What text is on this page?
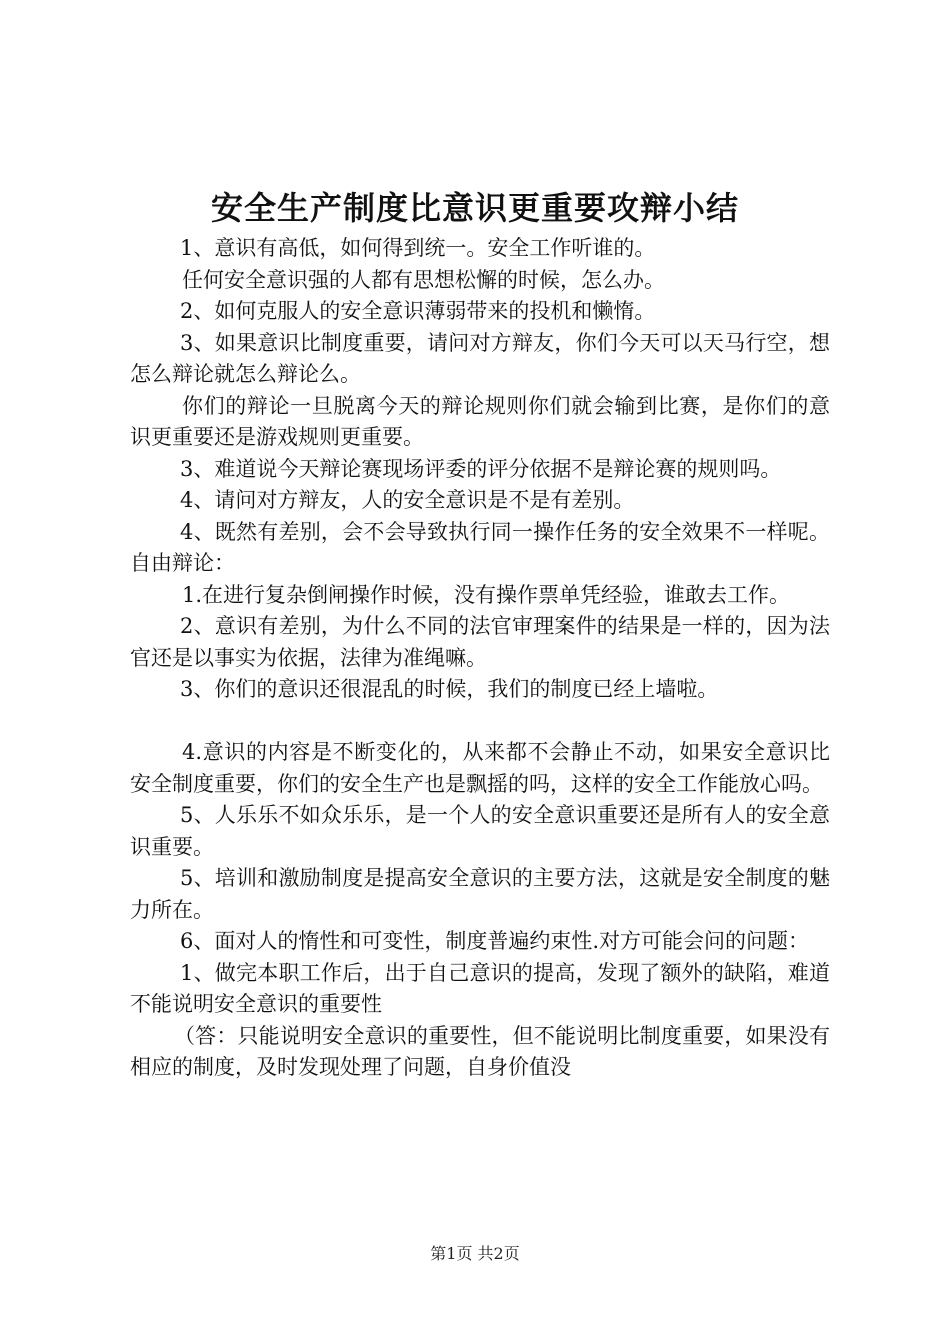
安全生产制度比意识更重要攻辩小结

1、意识有高低，如何得到统一。安全工作听谁的。

任何安全意识强的人都有思想松懈的时候，怎么办。

2、如何克服人的安全意识薄弱带来的投机和懒惰。

3、如果意识比制度重要，请问对方辩友，你们今天可以天马行空，想怎么辩论就怎么辩论么。

你们的辩论一旦脱离今天的辩论规则你们就会输到比赛，是你们的意识更重要还是游戏规则更重要。

3、难道说今天辩论赛现场评委的评分依据不是辩论赛的规则吗。

4、请问对方辩友，人的安全意识是不是有差别。

4、既然有差别，会不会导致执行同一操作任务的安全效果不一样呢。自由辩论：

1.在进行复杂倒闸操作时候，没有操作票单凭经验，谁敢去工作。

2、意识有差别，为什么不同的法官审理案件的结果是一样的，因为法官还是以事实为依据，法律为准绳嘛。

3、你们的意识还很混乱的时候，我们的制度已经上墙啦。

4.意识的内容是不断变化的，从来都不会静止不动，如果安全意识比安全制度重要，你们的安全生产也是飘摇的吗，这样的安全工作能放心吗。

5、人乐乐不如众乐乐，是一个人的安全意识重要还是所有人的安全意识重要。

5、培训和激励制度是提高安全意识的主要方法，这就是安全制度的魅力所在。

6、面对人的惰性和可变性，制度普遍约束性.对方可能会问的问题：

1、做完本职工作后，出于自己意识的提高，发现了额外的缺陷，难道不能说明安全意识的重要性

（答：只能说明安全意识的重要性，但不能说明比制度重要，如果没有相应的制度，及时发现处理了问题，自身价值没

第1页 共2页
